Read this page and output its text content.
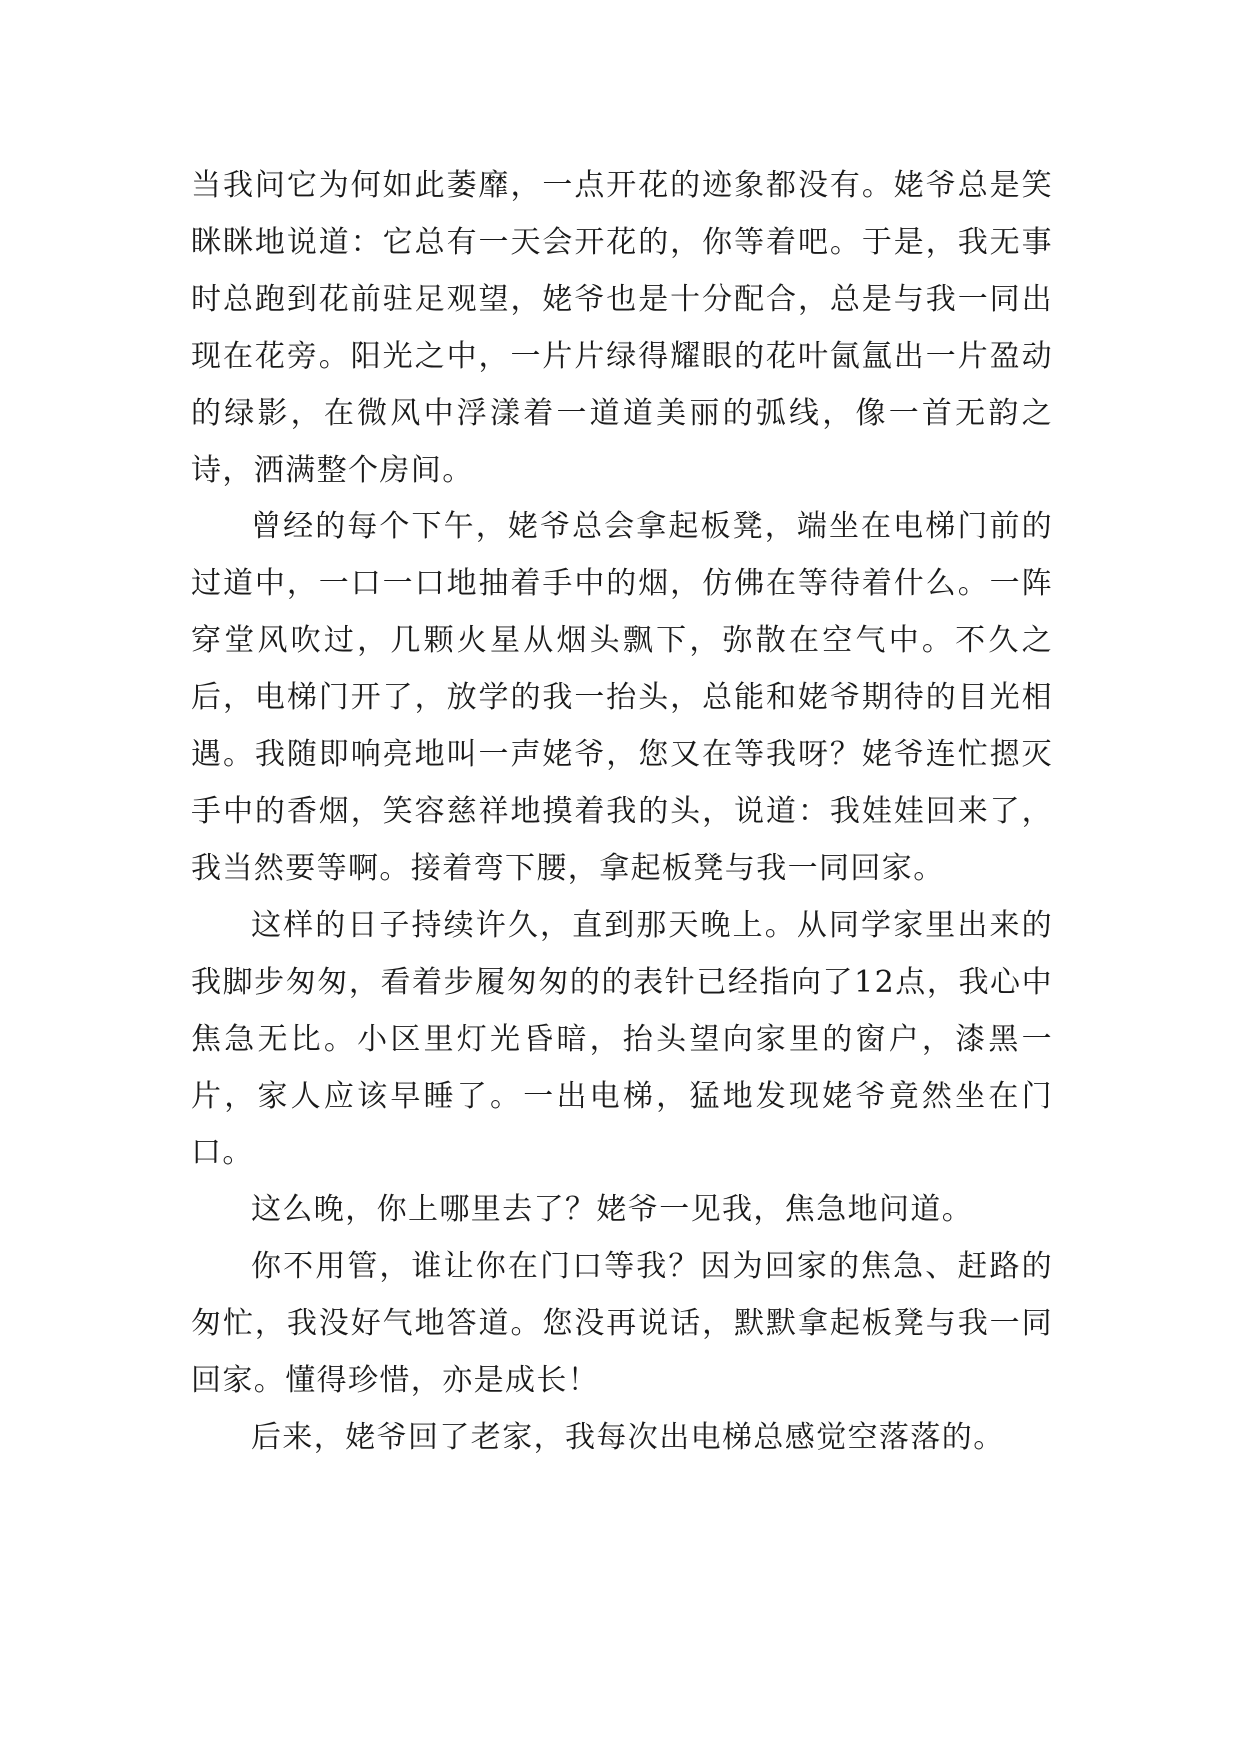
当我问它为何如此萎靡，一点开花的迹象都没有。姥爷总是笑眯眯地说道：它总有一天会开花的，你等着吧。于是，我无事时总跑到花前驻足观望，姥爷也是十分配合，总是与我一同出现在花旁。阳光之中，一片片绿得耀眼的花叶氤氲出一片盈动的绿影，在微风中浮漾着一道道美丽的弧线，像一首无韵之诗，洒满整个房间。

曾经的每个下午，姥爷总会拿起板凳，端坐在电梯门前的过道中，一口一口地抽着手中的烟，仿佛在等待着什么。一阵穿堂风吹过，几颗火星从烟头飘下，弥散在空气中。不久之后，电梯门开了，放学的我一抬头，总能和姥爷期待的目光相遇。我随即响亮地叫一声姥爷，您又在等我呀？姥爷连忙摁灭手中的香烟，笑容慈祥地摸着我的头，说道：我娃娃回来了，我当然要等啊。接着弯下腰，拿起板凳与我一同回家。

这样的日子持续许久，直到那天晚上。从同学家里出来的我脚步匆匆，看着步履匆匆的的表针已经指向了12点，我心中焦急无比。小区里灯光昏暗，抬头望向家里的窗户，漆黑一片，家人应该早睡了。一出电梯，猛地发现姥爷竟然坐在门口。

这么晚，你上哪里去了？姥爷一见我，焦急地问道。

你不用管，谁让你在门口等我？因为回家的焦急、赶路的匆忙，我没好气地答道。您没再说话，默默拿起板凳与我一同回家。懂得珍惜，亦是成长！

后来，姥爷回了老家，我每次出电梯总感觉空落落的。
